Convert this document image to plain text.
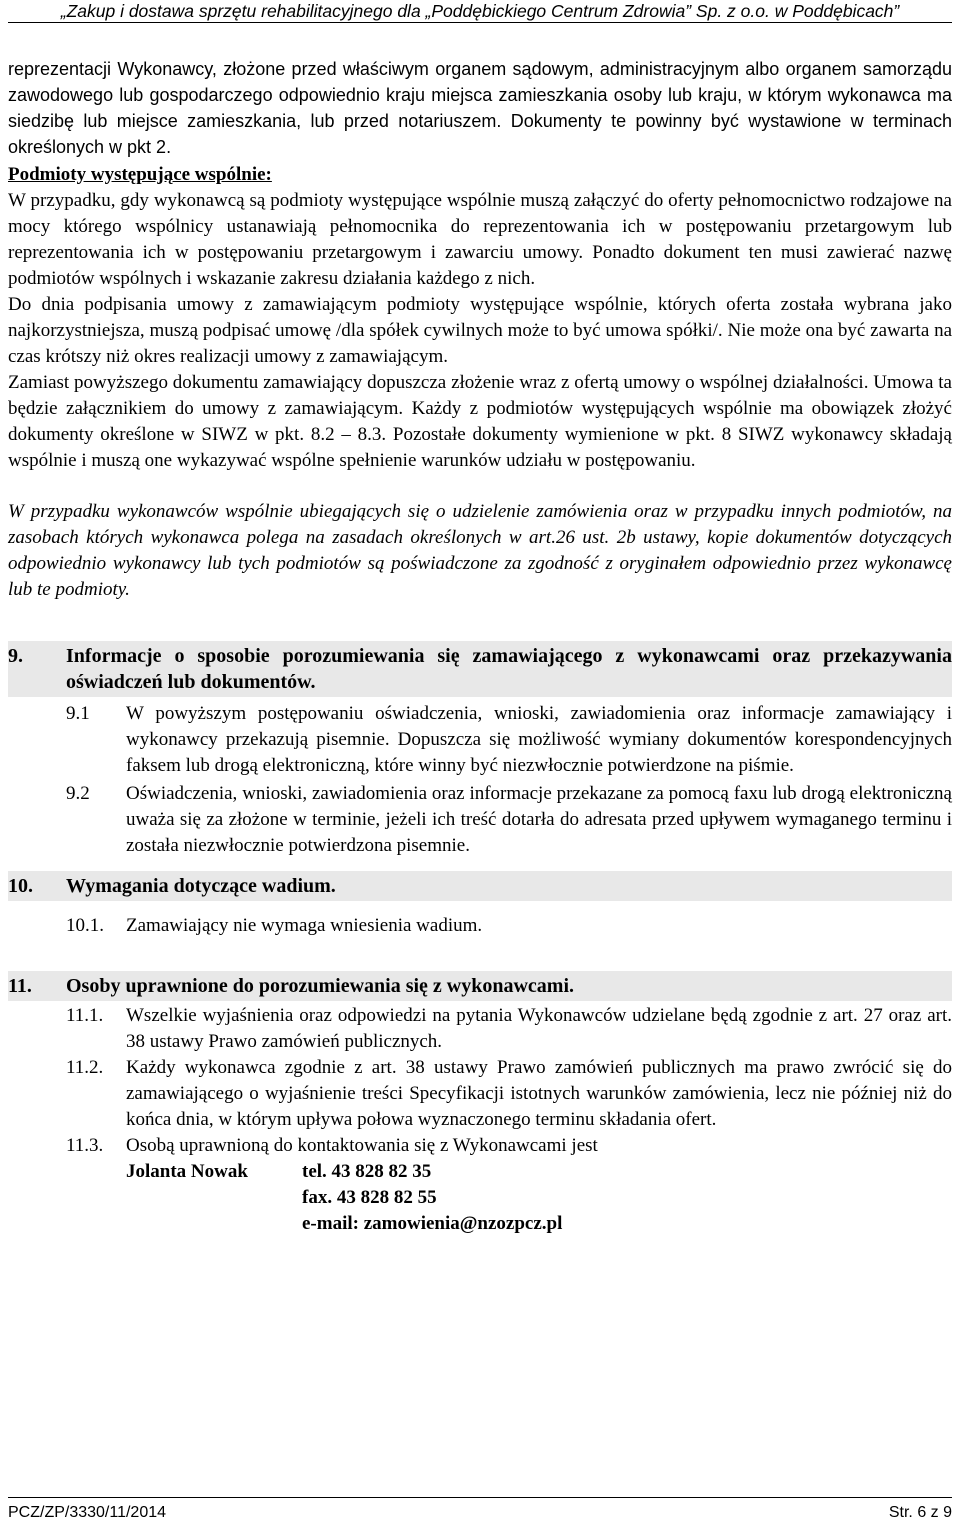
„Zakup i dostawa sprzętu rehabilitacyjnego dla „Poddębickiego Centrum Zdrowia” Sp. z o.o. w Poddębicach”

reprezentacji Wykonawcy, złożone przed właściwym organem sądowym, administracyjnym albo organem samorządu zawodowego lub gospodarczego odpowiednio kraju miejsca zamieszkania osoby lub kraju, w którym wykonawca ma siedzibę lub miejsce zamieszkania, lub przed notariuszem. Dokumenty te powinny być wystawione w terminach określonych w pkt 2.

Podmioty występujące wspólnie:

W przypadku, gdy wykonawcą są podmioty występujące wspólnie muszą załączyć do oferty pełnomocnictwo rodzajowe na mocy którego wspólnicy ustanawiają pełnomocnika do reprezentowania ich w postępowaniu przetargowym lub reprezentowania ich w postępowaniu przetargowym i zawarciu umowy. Ponadto dokument ten musi zawierać nazwę podmiotów wspólnych i wskazanie zakresu działania każdego z nich.

Do dnia podpisania umowy z zamawiającym podmioty występujące wspólnie, których oferta została wybrana jako najkorzystniejsza, muszą podpisać umowę /dla spółek cywilnych może to być umowa spółki/. Nie może ona być zawarta na czas krótszy niż okres realizacji umowy z zamawiającym.

Zamiast powyższego dokumentu zamawiający dopuszcza złożenie wraz z ofertą umowy o wspólnej działalności. Umowa ta będzie załącznikiem do umowy z zamawiającym. Każdy z podmiotów występujących wspólnie ma obowiązek złożyć dokumenty określone w SIWZ w pkt. 8.2 – 8.3. Pozostałe dokumenty wymienione w pkt. 8 SIWZ wykonawcy składają wspólnie i muszą one wykazywać wspólne spełnienie warunków udziału w postępowaniu.

W przypadku wykonawców wspólnie ubiegających się o udzielenie zamówienia oraz w przypadku innych podmiotów, na zasobach których wykonawca polega na zasadach określonych w art.26 ust. 2b ustawy, kopie dokumentów dotyczących odpowiednio wykonawcy lub tych podmiotów są poświadczone za zgodność z oryginałem odpowiednio przez wykonawcę lub te podmioty.

9.	Informacje o sposobie porozumiewania się zamawiającego z wykonawcami oraz przekazywania oświadczeń lub dokumentów.
9.1	W powyższym postępowaniu oświadczenia, wnioski, zawiadomienia oraz informacje zamawiający i wykonawcy przekazują pisemnie. Dopuszcza się możliwość wymiany dokumentów korespondencyjnych faksem lub drogą elektroniczną, które winny być niezwłocznie potwierdzone na piśmie.
9.2	Oświadczenia, wnioski, zawiadomienia oraz informacje przekazane za pomocą faxu lub drogą elektroniczną uważa się za złożone w terminie, jeżeli ich treść dotarła do adresata przed upływem wymaganego terminu i została niezwłocznie potwierdzona pisemnie.
10.	Wymagania dotyczące wadium.
10.1.	Zamawiający nie wymaga wniesienia wadium.
11.	Osoby uprawnione do porozumiewania się z wykonawcami.
11.1.	Wszelkie wyjaśnienia oraz odpowiedzi na pytania Wykonawców udzielane będą zgodnie z art. 27 oraz art. 38 ustawy Prawo zamówień publicznych.
11.2.	Każdy wykonawca zgodnie z art. 38 ustawy Prawo zamówień publicznych ma prawo zwrócić się do zamawiającego o wyjaśnienie treści Specyfikacji istotnych warunków zamówienia, lecz nie później niż do końca dnia, w którym upływa połowa wyznaczonego terminu składania ofert.
11.3.	Osobą uprawnioną do kontaktowania się z Wykonawcami jest
Jolanta Nowak	tel. 43 828 82 35
fax. 43 828 82 55
e-mail: zamowienia@nzozpcz.pl
PCZ/ZP/3330/11/2014	Str. 6 z 9
